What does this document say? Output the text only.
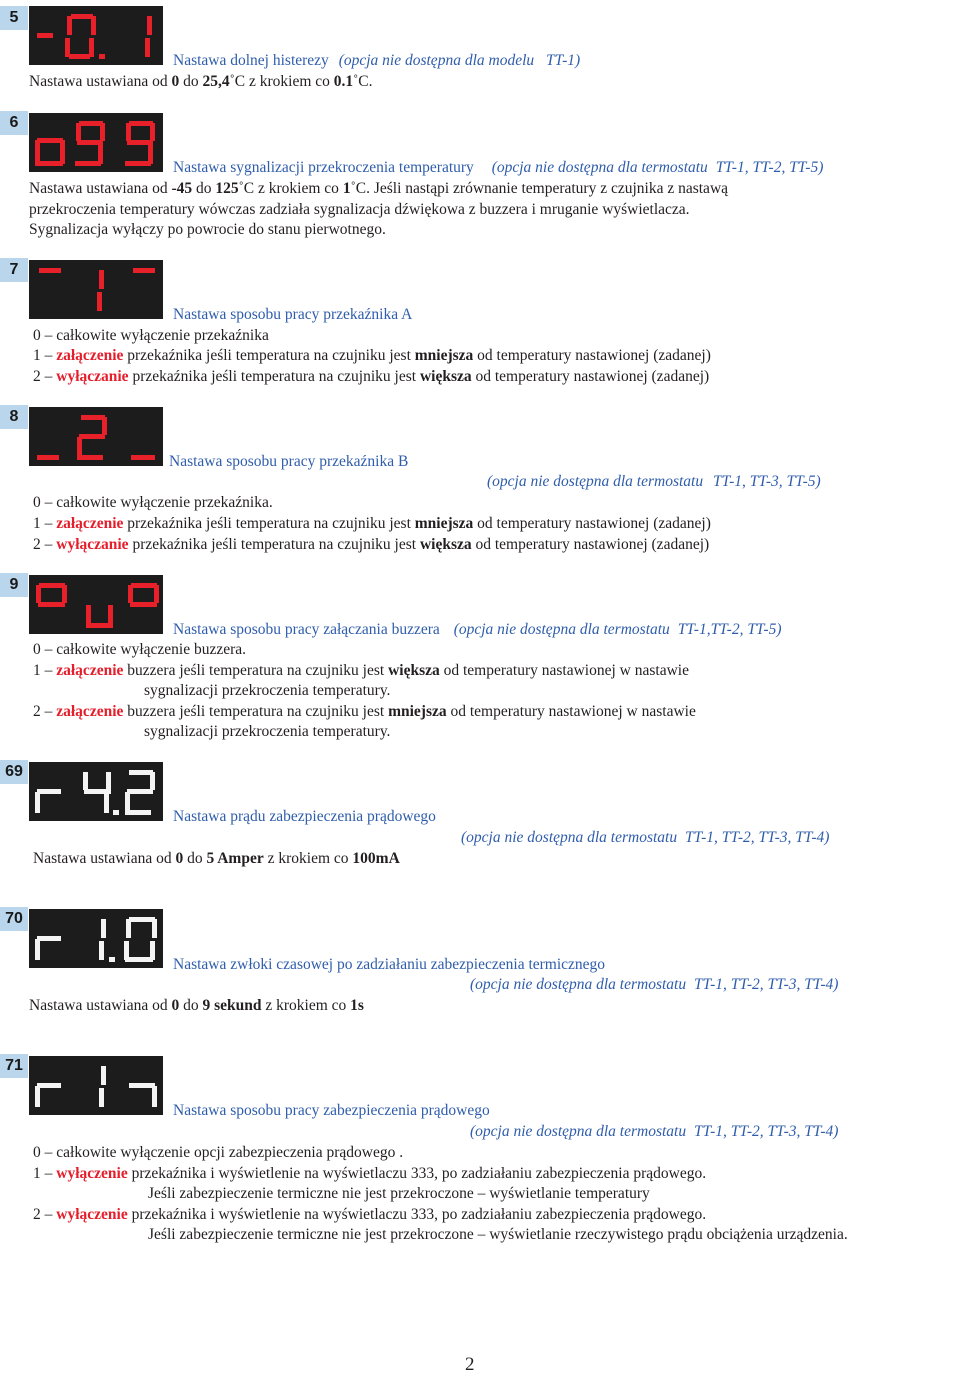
5
Nastawa dolnej histerezy (opcja nie dostępna dla modelu TT-1)
Nastawa ustawiana od 0 do 25,4˚C z krokiem co 0.1˚C.
6
Nastawa sygnalizacji przekroczenia temperatury (opcja nie dostępna dla termostatu TT-1, TT-2, TT-5)
Nastawa ustawiana od -45 do 125˚C z krokiem co 1˚C. Jeśli nastąpi zrównanie temperatury z czujnika z nastawą
przekroczenia temperatury wówczas zadziała sygnalizacja dźwiękowa z buzzera i mruganie wyświetlacza.
Sygnalizacja wyłączy po powrocie do stanu pierwotnego.
7
Nastawa sposobu pracy przekaźnika A
0 – całkowite wyłączenie przekaźnika
1 – załączenie przekaźnika jeśli temperatura na czujniku jest mniejsza od temperatury nastawionej (zadanej)
2 – wyłączanie przekaźnika jeśli temperatura na czujniku jest większa od temperatury nastawionej (zadanej)
8
Nastawa sposobu pracy przekaźnika B
(opcja nie dostępna dla termostatu TT-1, TT-3, TT-5)
0 – całkowite wyłączenie przekaźnika.
1 – załączenie przekaźnika jeśli temperatura na czujniku jest mniejsza od temperatury nastawionej (zadanej)
2 – wyłączanie przekaźnika jeśli temperatura na czujniku jest większa od temperatury nastawionej (zadanej)
9
Nastawa sposobu pracy załączania buzzera (opcja nie dostępna dla termostatu TT-1,TT-2, TT-5)
0 – całkowite wyłączenie buzzera.
1 – załączenie buzzera jeśli temperatura na czujniku jest większa od temperatury nastawionej w nastawie
sygnalizacji przekroczenia temperatury.
2 – załączenie buzzera jeśli temperatura na czujniku jest mniejsza od temperatury nastawionej w nastawie
sygnalizacji przekroczenia temperatury.
69
Nastawa prądu zabezpieczenia prądowego
(opcja nie dostępna dla termostatu TT-1, TT-2, TT-3, TT-4)
Nastawa ustawiana od 0 do 5 Amper z krokiem co 100mA
70
Nastawa zwłoki czasowej po zadziałaniu zabezpieczenia termicznego
(opcja nie dostępna dla termostatu TT-1, TT-2, TT-3, TT-4)
Nastawa ustawiana od 0 do 9 sekund z krokiem co 1s
71
Nastawa sposobu pracy zabezpieczenia prądowego
(opcja nie dostępna dla termostatu TT-1, TT-2, TT-3, TT-4)
0 – całkowite wyłączenie opcji zabezpieczenia prądowego .
1 – wyłączenie przekaźnika i wyświetlenie na wyświetlaczu 333, po zadziałaniu zabezpieczenia prądowego.
Jeśli zabezpieczenie termiczne nie jest przekroczone – wyświetlanie temperatury
2 – wyłączenie przekaźnika i wyświetlenie na wyświetlaczu 333, po zadziałaniu zabezpieczenia prądowego.
Jeśli zabezpieczenie termiczne nie jest przekroczone – wyświetlanie rzeczywistego prądu obciążenia urządzenia.
2
